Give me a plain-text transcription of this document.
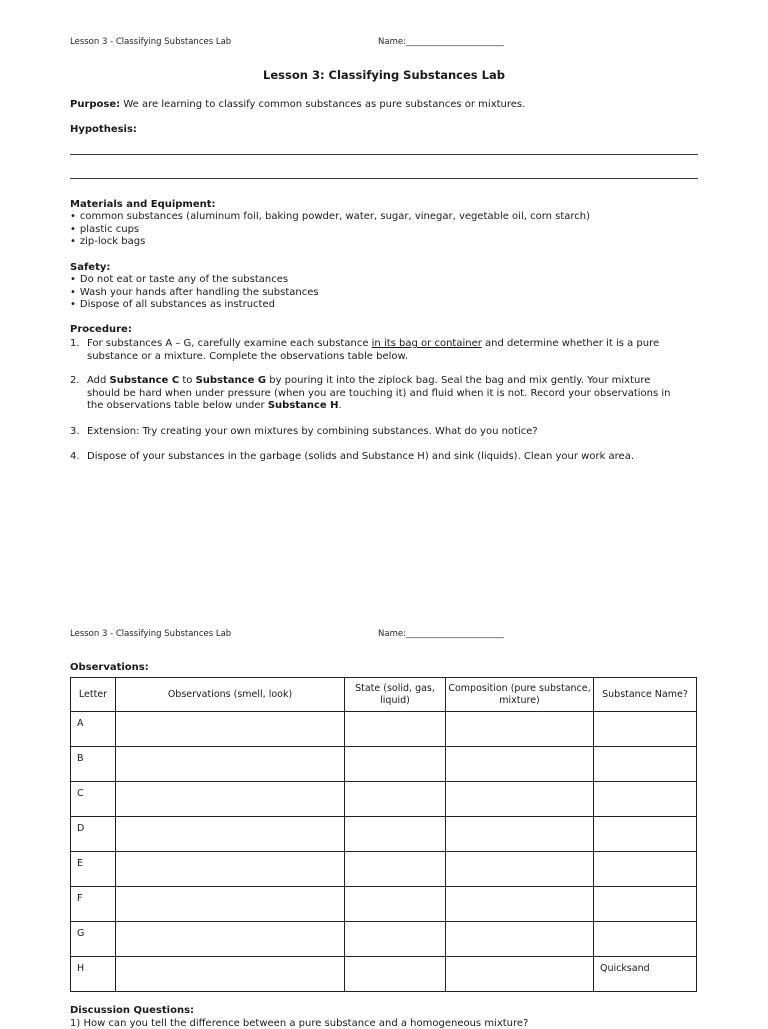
Lesson 3 - Classifying Substances Lab	Name:_______________________
Lesson 3: Classifying Substances Lab
Purpose: We are learning to classify common substances as pure substances or mixtures.
Hypothesis:
Materials and Equipment:
• common substances (aluminum foil, baking powder, water, sugar, vinegar, vegetable oil, corn starch)
• plastic cups
• zip-lock bags
Safety:
• Do not eat or taste any of the substances
• Wash your hands after handling the substances
• Dispose of all substances as instructed
Procedure:
1. For substances A – G, carefully examine each substance in its bag or container and determine whether it is a pure
substance or a mixture. Complete the observations table below.
2. Add Substance C to Substance G by pouring it into the ziplock bag. Seal the bag and mix gently. Your mixture
should be hard when under pressure (when you are touching it) and fluid when it is not. Record your observations in
the observations table below under Substance H.
3. Extension: Try creating your own mixtures by combining substances. What do you notice?
4. Dispose of your substances in the garbage (solids and Substance H) and sink (liquids). Clean your work area.
Lesson 3 - Classifying Substances Lab	Name:_______________________
Observations:
Letter	Observations (smell, look)	State (solid, gas, liquid)	Composition (pure substance, mixture)	Substance Name?

A				

B				

C				

D				

E				

F				

G				

H				Quicksand
Discussion Questions:
1) How can you tell the difference between a pure substance and a homogeneous mixture?
